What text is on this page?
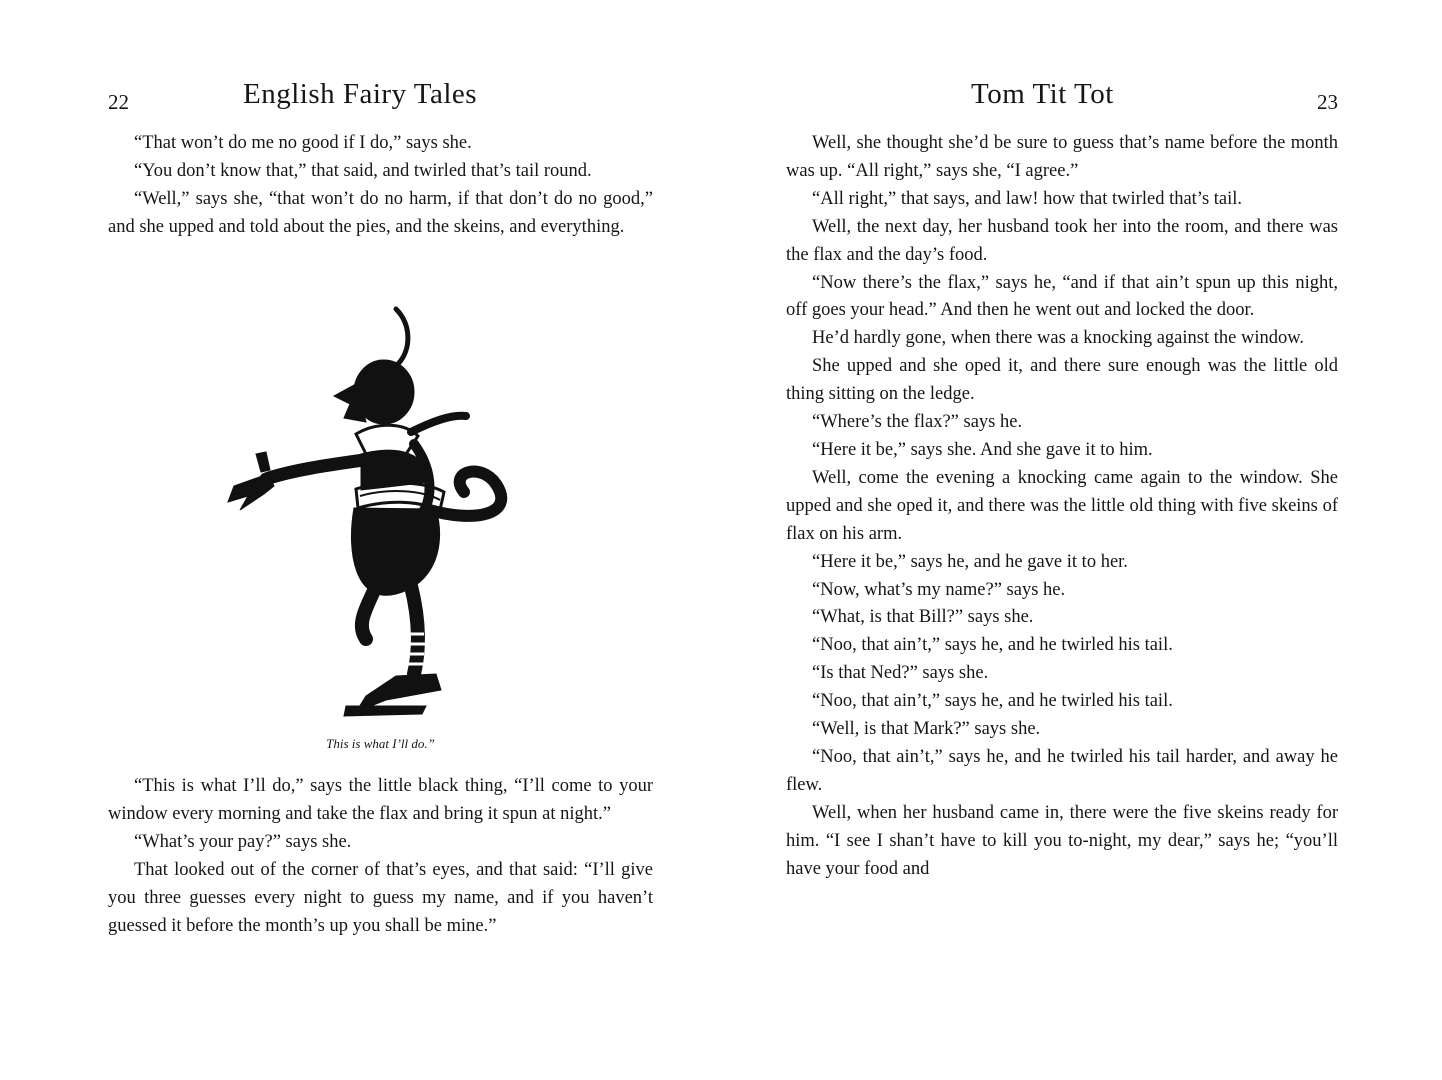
22	English Fairy Tales

“That won’t do me no good if I do,” says she.

“You don’t know that,” that said, and twirled that’s tail round.

“Well,” says she, “that won’t do no harm, if that don’t do no good,” and she upped and told about the pies, and the skeins, and everything.

This is what I’ll do.”

“This is what I’ll do,” says the little black thing, “I’ll come to your window every morning and take the flax and bring it spun at night.”

“What’s your pay?” says she.

That looked out of the corner of that’s eyes, and that said: “I’ll give you three guesses every night to guess my name, and if you haven’t guessed it before the month’s up you shall be mine.”

Tom Tit Tot	23

Well, she thought she’d be sure to guess that’s name before the month was up. “All right,” says she, “I agree.”

“All right,” that says, and law! how that twirled that’s tail.

Well, the next day, her husband took her into the room, and there was the flax and the day’s food.

“Now there’s the flax,” says he, “and if that ain’t spun up this night, off goes your head.” And then he went out and locked the door.

He’d hardly gone, when there was a knocking against the window.

She upped and she oped it, and there sure enough was the little old thing sitting on the ledge.

“Where’s the flax?” says he.

“Here it be,” says she. And she gave it to him.

Well, come the evening a knocking came again to the window. She upped and she oped it, and there was the little old thing with five skeins of flax on his arm.

“Here it be,” says he, and he gave it to her.

“Now, what’s my name?” says he.

“What, is that Bill?” says she.

“Noo, that ain’t,” says he, and he twirled his tail.

“Is that Ned?” says she.

“Noo, that ain’t,” says he, and he twirled his tail.

“Well, is that Mark?” says she.

“Noo, that ain’t,” says he, and he twirled his tail harder, and away he flew.

Well, when her husband came in, there were the five skeins ready for him. “I see I shan’t have to kill you to-night, my dear,” says he; “you’ll have your food and
